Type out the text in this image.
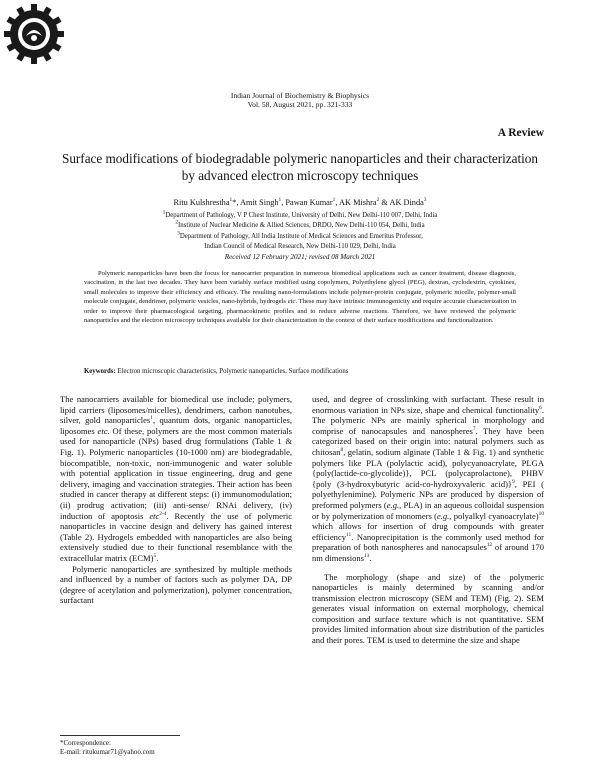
Indian Journal of Biochemistry & Biophysics
Vol. 58, August 2021, pp. 321-333
A Review
Surface modifications of biodegradable polymeric nanoparticles and their characterization by advanced electron microscopy techniques
Ritu Kulshrestha$^1$*, Amit Singh$^1$, Pawan Kumar$^1$, AK Mishra$^2$ & AK Dinda$^3$
$^1$Department of Pathology, V P Chest Institute, University of Delhi, New Delhi-110 007, Delhi, India
$^2$Institute of Nuclear Medicine & Allied Sciences, DRDO, New Delhi-110 054, Delhi, India
$^3$Department of Pathology, All India Institute of Medical Sciences and Emeritus Professor,
Indian Council of Medical Research, New Delhi-110 029, Delhi, India
Received 12 February 2021; revised 08 March 2021
Polymeric nanoparticles have been the focus for nanocarrier preparation in numerous biomedical applications such as cancer treatment, disease diagnosis, vaccination, in the last two decades. They have been variably surface modified using copolymers, Polyethylene glycol (PEG), dextran, cyclodextrin, cytokines, small molecules to improve their efficiency and efficacy. The resulting nano-formulations include polymer-protein conjugate, polymeric micelle, polymer-small molecule conjugate, dendrimer, polymeric vesicles, nano-hybrids, hydrogels etc. These may have intrinsic immunogenicity and require accurate characterization in order to improve their pharmacological targeting, pharmacokinetic profiles and to reduce adverse reactions. Therefore, we have reviewed the polymeric nanoparticles and the electron microscopy techniques available for their characterization in the context of their surface modifications and functionalization.
Keywords: Electron microscopic characteristics, Polymeric nanoparticles, Surface modifications

The nanocarriers available for biomedical use include; polymers, lipid carriers (liposomes/micelles), dendrimers, carbon nanotubes, silver, gold nanoparticles$^1$, quantum dots, organic nanoparticles, liposomes etc. Of these, polymers are the most common materials used for nanoparticle (NPs) based drug formulations (Table 1 & Fig. 1). Polymeric nanoparticles (10-1000 nm) are biodegradable, biocompatible, non-toxic, non-immunogenic and water soluble with potential application in tissue engineering, drug and gene delivery, imaging and vaccination strategies. Their action has been studied in cancer therapy at different steps: (i) immunomodulation; (ii) prodrug activation; (iii) anti-sense/ RNAi delivery, (iv) induction of apoptosis etc$^{2-4}$. Recently the use of polymeric nanoparticles in vaccine design and delivery has gained interest (Table 2). Hydrogels embedded with nanoparticles are also being extensively studied due to their functional resemblance with the extracellular matrix (ECM)$^5$.

Polymeric nanoparticles are synthesized by multiple methods and influenced by a number of factors such as polymer DA, DP (degree of acetylation and polymerization), polymer concentration, surfactant

used, and degree of crosslinking with surfactant. These result in enormous variation in NPs size, shape and chemical functionality$^6$. The polymeric NPs are mainly spherical in morphology and comprise of nanocapsules and nanospheres$^7$. They have been categorized based on their origin into: natural polymers such as chitosan$^8$, gelatin, sodium alginate (Table 1 & Fig. 1) and synthetic polymers like PLA (polylactic acid), polycyanoacrylate, PLGA {poly(lactide-co-glycolide)}, PCL (polycaprolactone), PHBV {poly (3-hydroxybutyric acid-co-hydroxyvaleric acid)}$^9$, PEI ( polyethylenimine). Polymeric NPs are produced by dispersion of preformed polymers (e.g., PLA) in an aqueous colloidal suspension or by polymerization of monomers (e.g., polyalkyl cyanoacrylate)$^{10}$ which allows for insertion of drug compounds with greater efficiency$^{11}$. Nanoprecipitation is the commonly used method for preparation of both nanospheres and nanocapsules$^{12}$ of around 170 nm dimensions$^{13}$.

The morphology (shape and size) of the polymeric nanoparticles is mainly determined by scanning and/or transmission electron microscopy (SEM and TEM) (Fig. 2). SEM generates visual information on external morphology, chemical composition and surface texture which is not quantitative. SEM provides limited information about size distribution of the particles and their pores. TEM is used to determine the size and shape

*Correspondence:
E-mail: ritukumar71@yahoo.com
